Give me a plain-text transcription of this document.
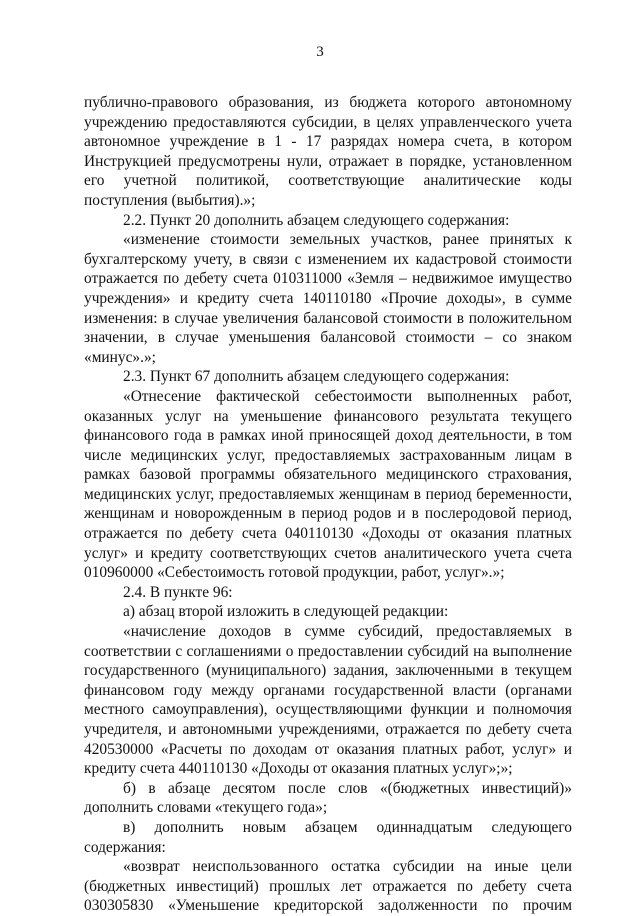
3

публично-правового образования, из бюджета которого автономному учреждению предоставляются субсидии, в целях управленческого учета автономное учреждение в 1 - 17 разрядах номера счета, в котором Инструкцией предусмотрены нули, отражает в порядке, установленном его учетной политикой, соответствующие аналитические коды поступления (выбытия).»;

2.2. Пункт 20 дополнить абзацем следующего содержания:

«изменение стоимости земельных участков, ранее принятых к бухгалтерскому учету, в связи с изменением их кадастровой стоимости отражается по дебету счета 010311000 «Земля – недвижимое имущество учреждения» и кредиту счета 140110180 «Прочие доходы», в сумме изменения: в случае увеличения балансовой стоимости в положительном значении, в случае уменьшения балансовой стоимости – со знаком «минус».»;

2.3. Пункт 67 дополнить абзацем следующего содержания:

«Отнесение фактической себестоимости выполненных работ, оказанных услуг на уменьшение финансового результата текущего финансового года в рамках иной приносящей доход деятельности, в том числе медицинских услуг, предоставляемых застрахованным лицам в рамках базовой программы обязательного медицинского страхования, медицинских услуг, предоставляемых женщинам в период беременности, женщинам и новорожденным в период родов и в послеродовой период, отражается по дебету счета 040110130 «Доходы от оказания платных услуг» и кредиту соответствующих счетов аналитического учета счета 010960000 «Себестоимость готовой продукции, работ, услуг».»;

2.4. В пункте 96:

а) абзац второй изложить в следующей редакции:

«начисление доходов в сумме субсидий, предоставляемых в соответствии с соглашениями о предоставлении субсидий на выполнение государственного (муниципального) задания, заключенными в текущем финансовом году между органами государственной власти (органами местного самоуправления), осуществляющими функции и полномочия учредителя, и автономными учреждениями, отражается по дебету счета 420530000 «Расчеты по доходам от оказания платных работ, услуг» и кредиту счета 440110130 «Доходы от оказания платных услуг»;»;

б) в абзаце десятом после слов «(бюджетных инвестиций)» дополнить словами «текущего года»;

в) дополнить новым абзацем одиннадцатым следующего содержания:

«возврат неиспользованного остатка субсидии на иные цели (бюджетных инвестиций) прошлых лет отражается по дебету счета 030305830 «Уменьшение кредиторской задолженности по прочим
